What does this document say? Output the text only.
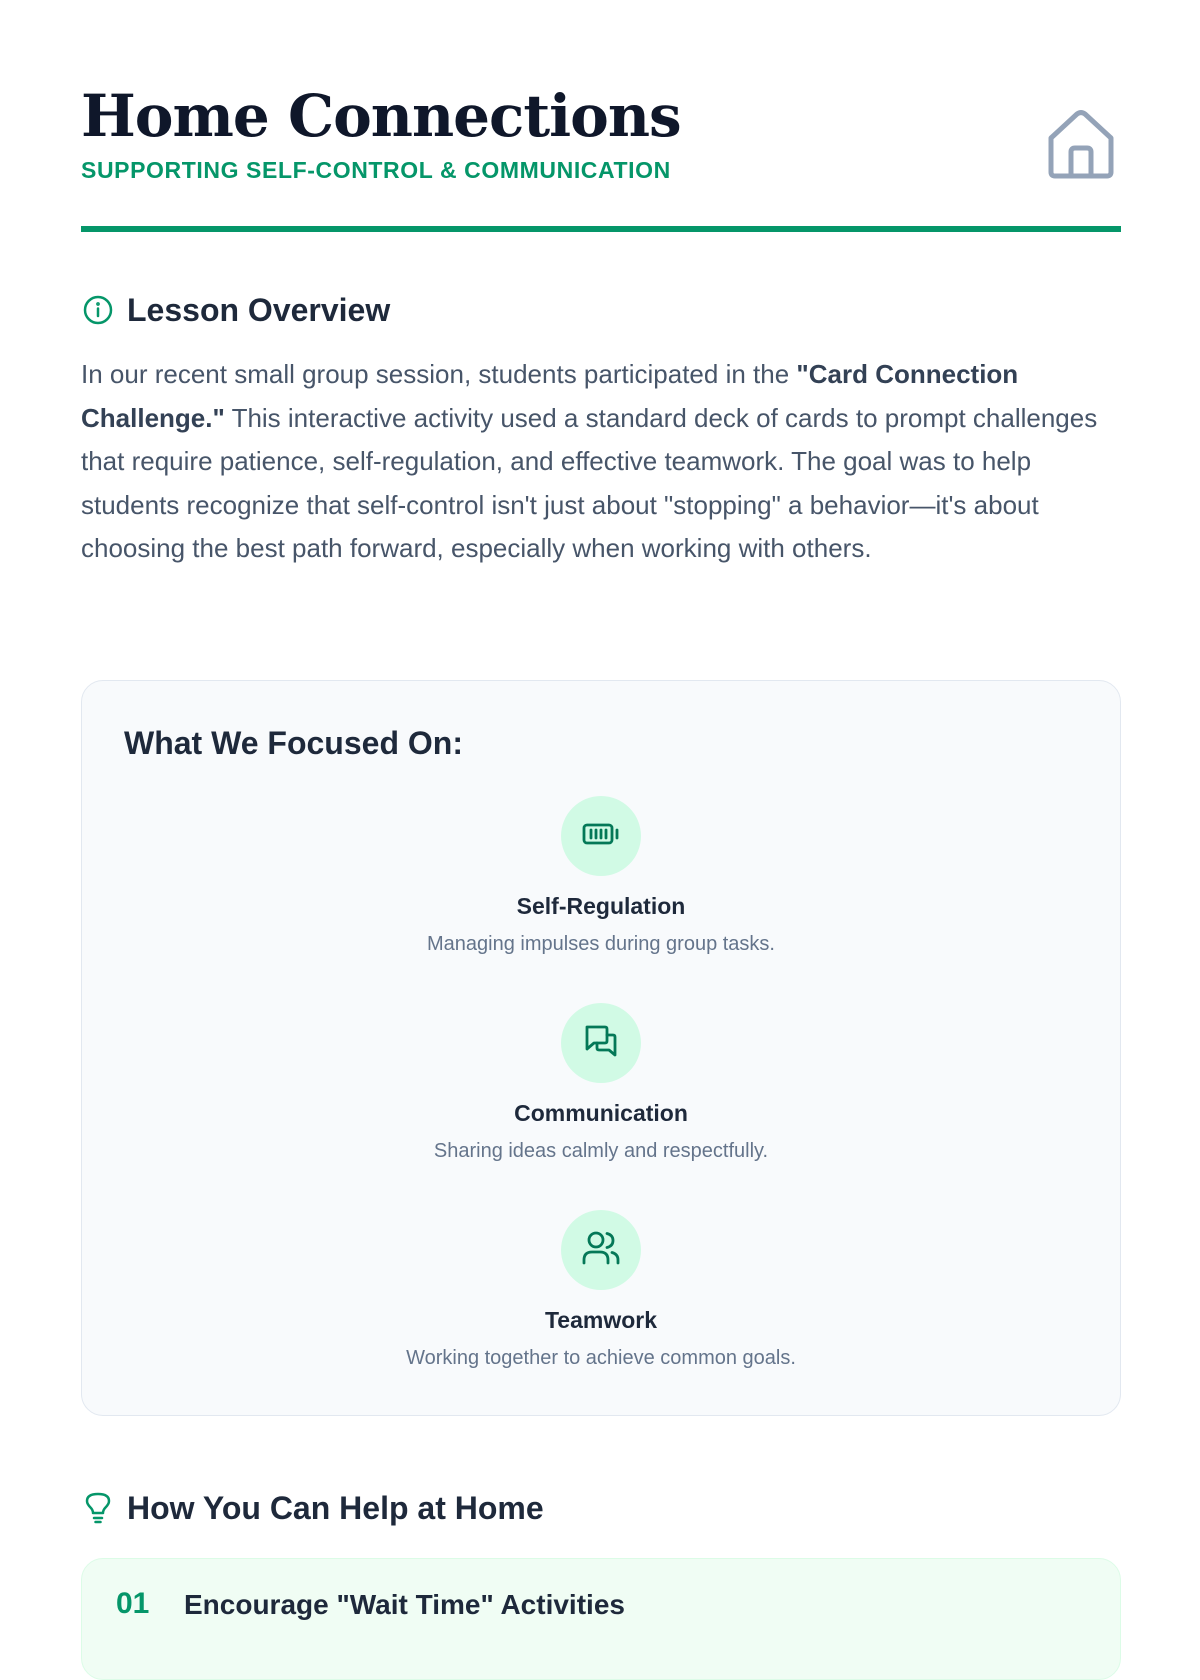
Home Connections
SUPPORTING SELF-CONTROL & COMMUNICATION
Lesson Overview

In our recent small group session, students participated in the "Card Connection Challenge." This interactive activity used a standard deck of cards to prompt challenges that require patience, self-regulation, and effective teamwork. The goal was to help students recognize that self-control isn't just about "stopping" a behavior—it's about choosing the best path forward, especially when working with others.

What We Focused On:
Self-Regulation
Managing impulses during group tasks.
Communication
Sharing ideas calmly and respectfully.
Teamwork
Working together to achieve common goals.
How You Can Help at Home
01 Encourage "Wait Time" Activities
